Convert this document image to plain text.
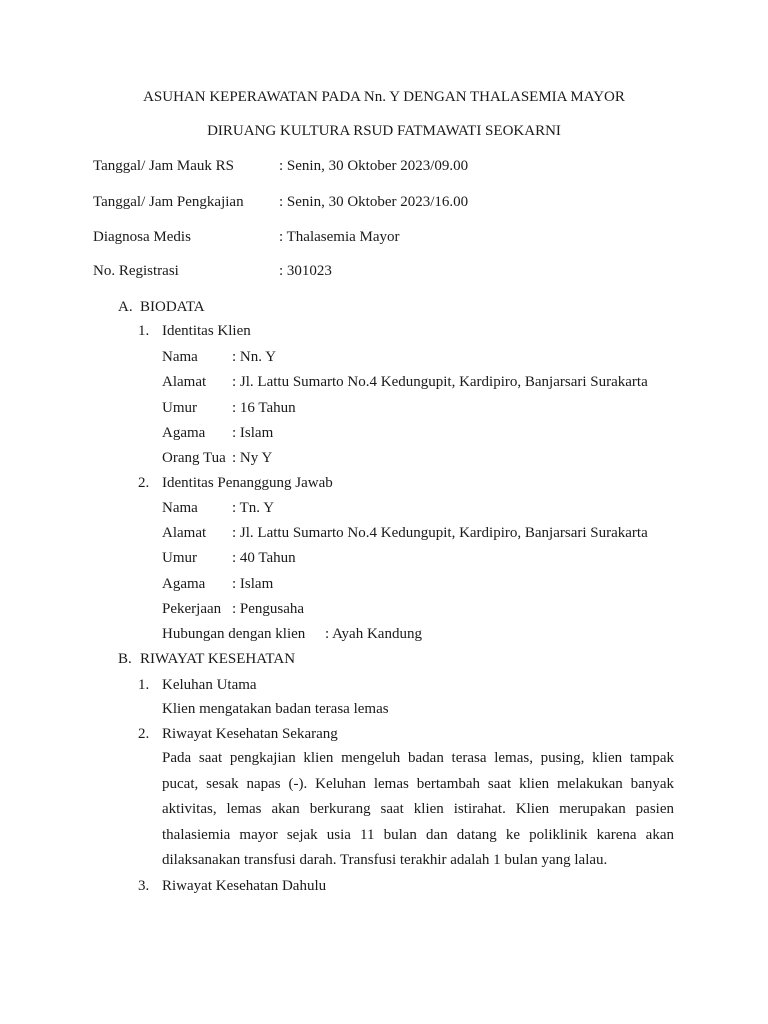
ASUHAN KEPERAWATAN PADA Nn. Y DENGAN THALASEMIA MAYOR
DIRUANG KULTURA RSUD FATMAWATI SEOKARNI
Tanggal/ Jam Mauk RS	: Senin, 30 Oktober 2023/09.00
Tanggal/ Jam Pengkajian : Senin, 30 Oktober 2023/16.00
Diagnosa Medis	: Thalasemia Mayor
No. Registrasi	: 301023
A. BIODATA
1. Identitas Klien
Nama : Nn. Y
Alamat : Jl. Lattu Sumarto No.4 Kedungupit, Kardipiro, Banjarsari Surakarta
Umur : 16 Tahun
Agama : Islam
Orang Tua : Ny Y
2. Identitas Penanggung Jawab
Nama : Tn. Y
Alamat : Jl. Lattu Sumarto No.4 Kedungupit, Kardipiro, Banjarsari Surakarta
Umur : 40 Tahun
Agama : Islam
Pekerjaan : Pengusaha
Hubungan dengan klien : Ayah Kandung
B. RIWAYAT KESEHATAN
1. Keluhan Utama
Klien mengatakan badan terasa lemas
2. Riwayat Kesehatan Sekarang
Pada saat pengkajian klien mengeluh badan terasa lemas, pusing, klien tampak pucat, sesak napas (-). Keluhan lemas bertambah saat klien melakukan banyak aktivitas, lemas akan berkurang saat klien istirahat. Klien merupakan pasien thalasiemia mayor sejak usia 11 bulan dan datang ke poliklinik karena akan dilaksanakan transfusi darah. Transfusi terakhir adalah 1 bulan yang lalau.
3. Riwayat Kesehatan Dahulu
